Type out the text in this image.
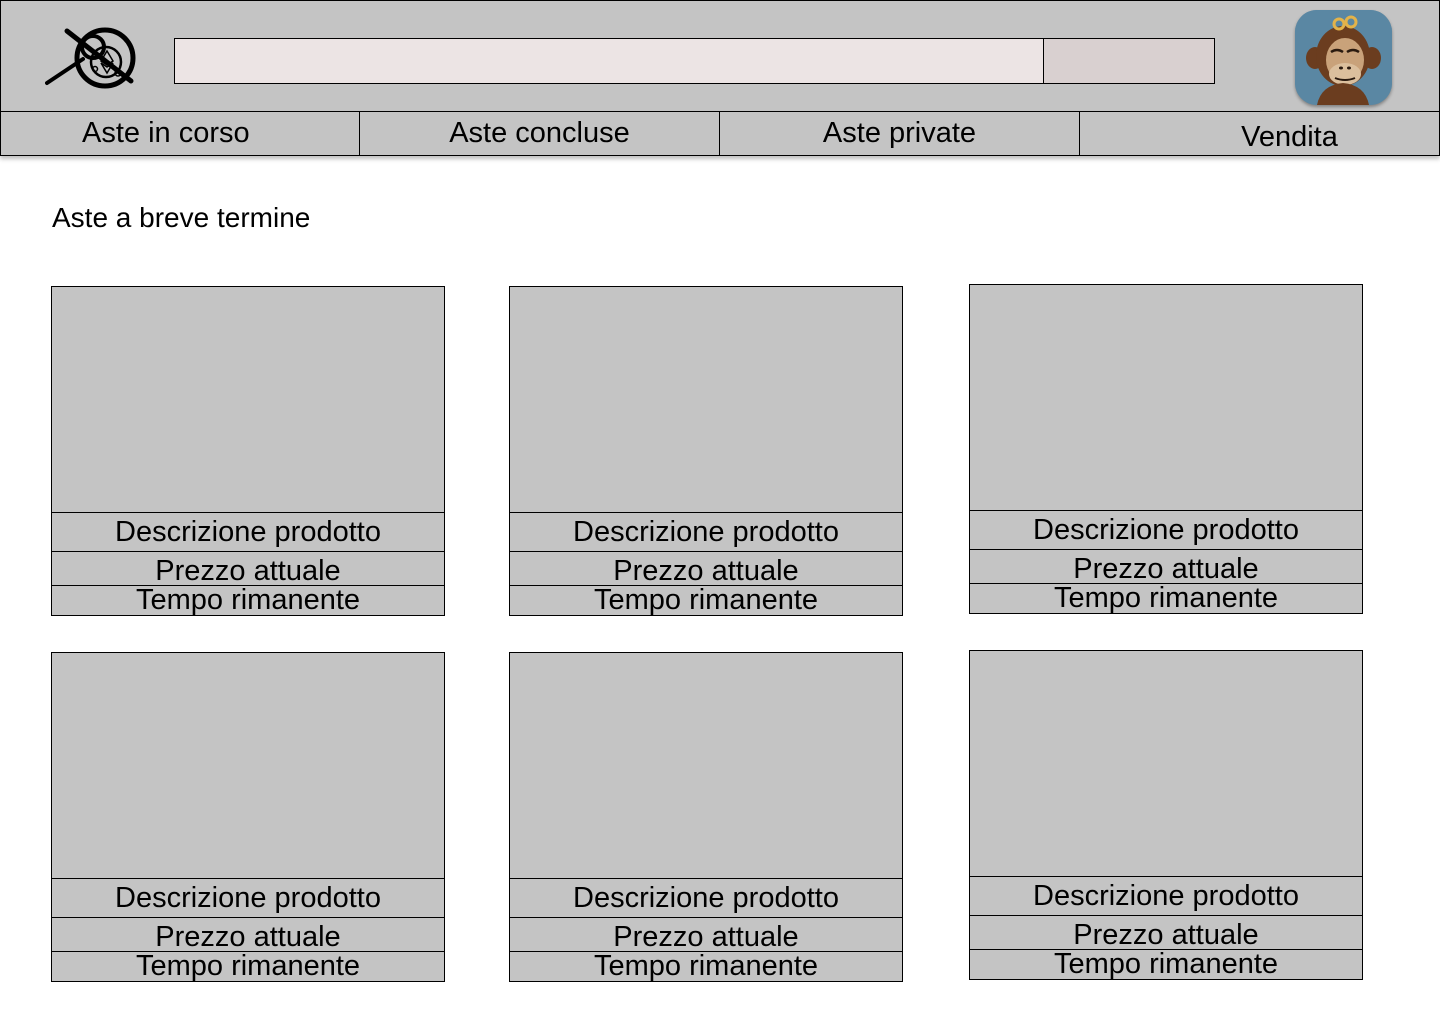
Aste in corso	Aste concluse	Aste private	Vendita
Aste a breve termine
Descrizione prodotto
Prezzo attuale
Tempo rimanente
Descrizione prodotto
Prezzo attuale
Tempo rimanente
Descrizione prodotto
Prezzo attuale
Tempo rimanente
Descrizione prodotto
Prezzo attuale
Tempo rimanente
Descrizione prodotto
Prezzo attuale
Tempo rimanente
Descrizione prodotto
Prezzo attuale
Tempo rimanente
